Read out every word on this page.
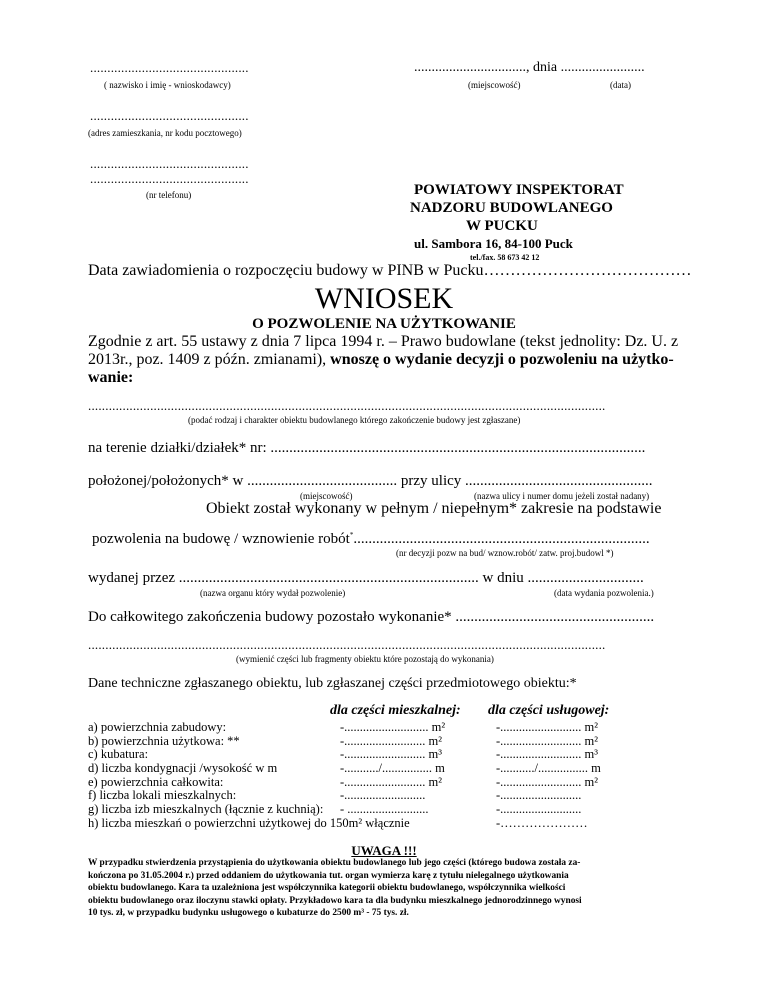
..............................................
( nazwisko i imię - wnioskodawcy)
..............................................
(adres zamieszkania, nr kodu pocztowego)
..............................................
..............................................
(nr telefonu)
................................, dnia ........................
(miejscowość)	(data)
POWIATOWY INSPEKTORAT
NADZORU BUDOWLANEGO
W PUCKU
ul. Sambora 16, 84-100 Puck
tel./fax. 58 673 42 12
Data zawiadomienia o rozpoczęciu budowy w PINB w Pucku…………………………………
WNIOSEK
O POZWOLENIE NA UŻYTKOWANIE
Zgodnie z art. 55 ustawy z dnia 7 lipca 1994 r. – Prawo budowlane (tekst jednolity: Dz. U. z
2013r., poz. 1409 z późn. zmianami), wnoszę o wydanie decyzji o pozwoleniu na użytko-
wanie:
......................................................................................................................................................
(podać rodzaj i charakter obiektu budowlanego którego zakończenie budowy jest zgłaszane)
na terenie działki/działek* nr: ....................................................................................................
położonej/położonych* w ........................................ przy ulicy ..................................................
(miejscowość)	(nazwa ulicy i numer domu jeżeli został nadany)
Obiekt został wykonany w pełnym / niepełnym* zakresie na podstawie
pozwolenia na budowę / wznowienie robót*...............................................................................
(nr decyzji pozw na bud/ wznow.robót/ zatw. proj.budowl *)
wydanej przez ................................................................................ w dniu ...............................
(nazwa organu który wydał pozwolenie)	(data wydania pozwolenia.)
Do całkowitego zakończenia budowy pozostało wykonanie* .....................................................
......................................................................................................................................................
(wymienić części lub fragmenty obiektu które pozostają do wykonania)
Dane techniczne zgłaszanego obiektu, lub zgłaszanej części przedmiotowego obiektu:*
dla części mieszkalnej: dla części usługowej:
a) powierzchnia zabudowy:	-........................... m²	-.......................... m²
b) powierzchnia użytkowa: **	-.......................... m²	-.......................... m²
c) kubatura:	-.......................... m³	-.......................... m³
d) liczba kondygnacji /wysokość w m	-.........../................ m	-.........../................ m
e) powierzchnia całkowita:	-.......................... m²	-.......................... m²
f) liczba lokali mieszkalnych:	-..........................	-..........................
g) liczba izb mieszkalnych (łącznie z kuchnią): - ..........................	-..........................
h) liczba mieszkań o powierzchni użytkowej do 150m² włącznie	-…………………
UWAGA !!!
W przypadku stwierdzenia przystąpienia do użytkowania obiektu budowlanego lub jego części (którego budowa została za-
kończona po 31.05.2004 r.) przed oddaniem do użytkowania tut. organ wymierza karę z tytułu nielegalnego użytkowania
obiektu budowlanego. Kara ta uzależniona jest współczynnika kategorii obiektu budowlanego, współczynnika wielkości
obiektu budowlanego oraz iloczynu stawki opłaty. Przykładowo kara ta dla budynku mieszkalnego jednorodzinnego wynosi
10 tys. zł, w przypadku budynku usługowego o kubaturze do 2500 m³ - 75 tys. zł.
